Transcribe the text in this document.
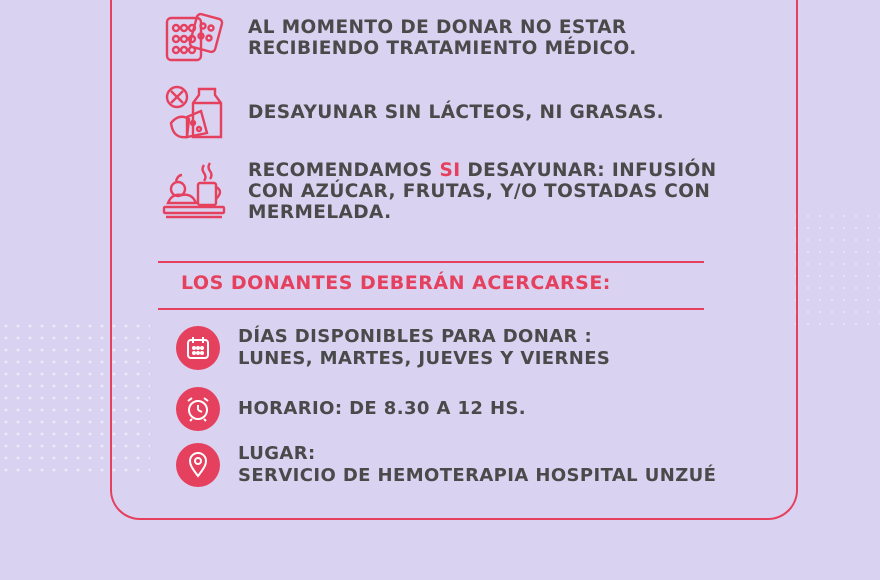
AL MOMENTO DE DONAR NO ESTAR
RECIBIENDO TRATAMIENTO MÉDICO.
DESAYUNAR SIN LÁCTEOS, NI GRASAS.
RECOMENDAMOS SI DESAYUNAR: INFUSIÓN
CON AZÚCAR, FRUTAS, Y/O TOSTADAS CON
MERMELADA.
LOS DONANTES DEBERÁN ACERCARSE:
DÍAS DISPONIBLES PARA DONAR :
LUNES, MARTES, JUEVES Y VIERNES
HORARIO: DE 8.30 A 12 HS.
LUGAR:
SERVICIO DE HEMOTERAPIA HOSPITAL UNZUÉ
